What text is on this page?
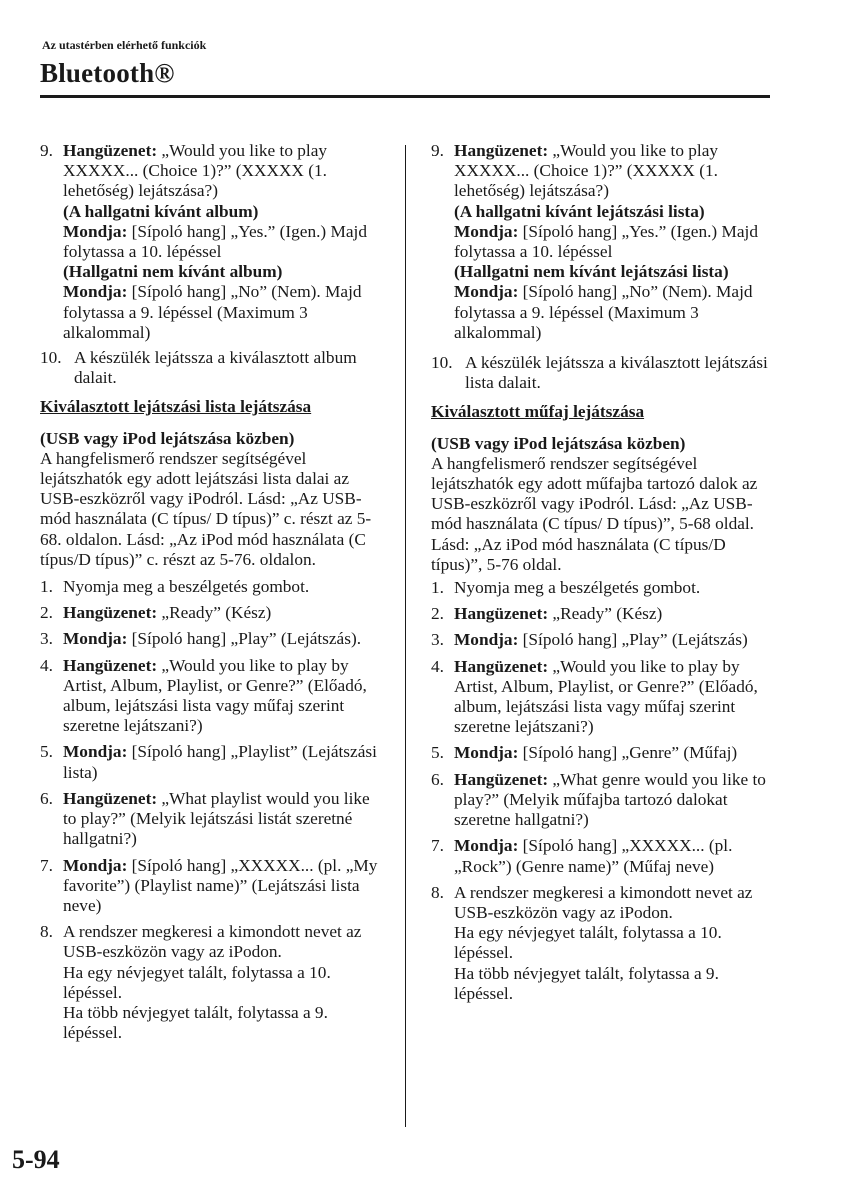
Az utastérben elérhető funkciók
Bluetooth®
9. Hangüzenet: „Would you like to play XXXXX... (Choice 1)?” (XXXXX (1. lehetőség) lejátszása?)
(A hallgatni kívánt album)
Mondja: [Sípoló hang] „Yes.” (Igen.) Majd folytassa a 10. lépéssel
(Hallgatni nem kívánt album)
Mondja: [Sípoló hang] „No” (Nem). Majd folytassa a 9. lépéssel (Maximum 3 alkalommal)
10. A készülék lejátssza a kiválasztott album dalait.
Kiválasztott lejátszási lista lejátszása
(USB vagy iPod lejátszása közben)
A hangfelismerő rendszer segítségével lejátszhatók egy adott lejátszási lista dalai az USB-eszközről vagy iPodról. Lásd: „Az USB-mód használata (C típus/ D típus)” c. részt az 5-68. oldalon. Lásd: „Az iPod mód használata (C típus/D típus)” c. részt az 5-76. oldalon.
1. Nyomja meg a beszélgetés gombot.
2. Hangüzenet: „Ready” (Kész)
3. Mondja: [Sípoló hang] „Play” (Lejátszás).
4. Hangüzenet: „Would you like to play by Artist, Album, Playlist, or Genre?” (Előadó, album, lejátszási lista vagy műfaj szerint szeretne lejátszani?)
5. Mondja: [Sípoló hang] „Playlist” (Lejátszási lista)
6. Hangüzenet: „What playlist would you like to play?” (Melyik lejátszási listát szeretné hallgatni?)
7. Mondja: [Sípoló hang] „XXXXX... (pl. „My favorite”) (Playlist name)” (Lejátszási lista neve)
8. A rendszer megkeresi a kimondott nevet az USB-eszközön vagy az iPodon.
Ha egy névjegyet talált, folytassa a 10. lépéssel.
Ha több névjegyet talált, folytassa a 9. lépéssel.
9. Hangüzenet: „Would you like to play XXXXX... (Choice 1)?” (XXXXX (1. lehetőség) lejátszása?)
(A hallgatni kívánt lejátszási lista)
Mondja: [Sípoló hang] „Yes.” (Igen.) Majd folytassa a 10. lépéssel
(Hallgatni nem kívánt lejátszási lista)
Mondja: [Sípoló hang] „No” (Nem). Majd folytassa a 9. lépéssel (Maximum 3 alkalommal)
10. A készülék lejátssza a kiválasztott lejátszási lista dalait.
Kiválasztott műfaj lejátszása
(USB vagy iPod lejátszása közben)
A hangfelismerő rendszer segítségével lejátszhatók egy adott műfajba tartozó dalok az USB-eszközről vagy iPodról. Lásd: „Az USB-mód használata (C típus/ D típus)”, 5-68 oldal. Lásd: „Az iPod mód használata (C típus/D típus)”, 5-76 oldal.
1. Nyomja meg a beszélgetés gombot.
2. Hangüzenet: „Ready” (Kész)
3. Mondja: [Sípoló hang] „Play” (Lejátszás)
4. Hangüzenet: „Would you like to play by Artist, Album, Playlist, or Genre?” (Előadó, album, lejátszási lista vagy műfaj szerint szeretne lejátszani?)
5. Mondja: [Sípoló hang] „Genre” (Műfaj)
6. Hangüzenet: „What genre would you like to play?” (Melyik műfajba tartozó dalokat szeretne hallgatni?)
7. Mondja: [Sípoló hang] „XXXXX... (pl. „Rock”) (Genre name)” (Műfaj neve)
8. A rendszer megkeresi a kimondott nevet az USB-eszközön vagy az iPodon.
Ha egy névjegyet talált, folytassa a 10. lépéssel.
Ha több névjegyet talált, folytassa a 9. lépéssel.
5-94
